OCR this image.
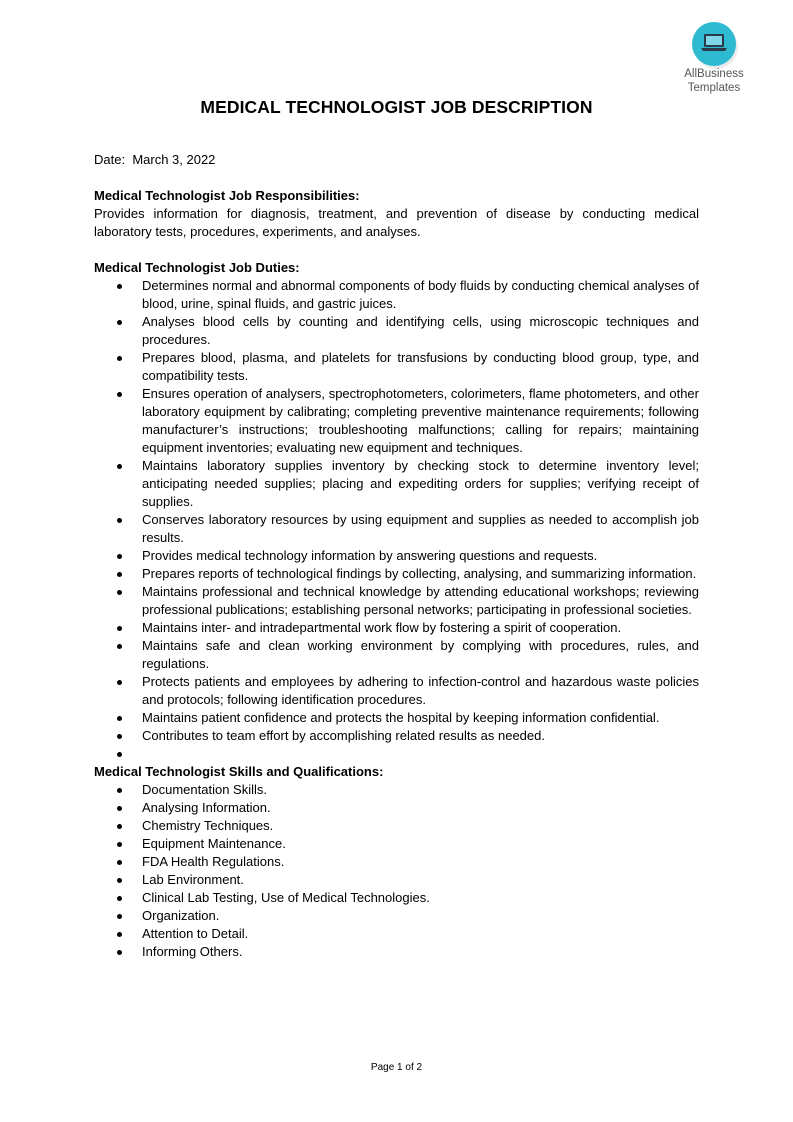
AllBusiness
Templates
MEDICAL TECHNOLOGIST JOB DESCRIPTION
Date: March 3, 2022
Medical Technologist Job Responsibilities:
Provides information for diagnosis, treatment, and prevention of disease by conducting medical laboratory tests, procedures, experiments, and analyses.
Medical Technologist Job Duties:
Determines normal and abnormal components of body fluids by conducting chemical analyses of blood, urine, spinal fluids, and gastric juices.
Analyses blood cells by counting and identifying cells, using microscopic techniques and procedures.
Prepares blood, plasma, and platelets for transfusions by conducting blood group, type, and compatibility tests.
Ensures operation of analysers, spectrophotometers, colorimeters, flame photometers, and other laboratory equipment by calibrating; completing preventive maintenance requirements; following manufacturer’s instructions; troubleshooting malfunctions; calling for repairs; maintaining equipment inventories; evaluating new equipment and techniques.
Maintains laboratory supplies inventory by checking stock to determine inventory level; anticipating needed supplies; placing and expediting orders for supplies; verifying receipt of supplies.
Conserves laboratory resources by using equipment and supplies as needed to accomplish job results.
Provides medical technology information by answering questions and requests.
Prepares reports of technological findings by collecting, analysing, and summarizing information.
Maintains professional and technical knowledge by attending educational workshops; reviewing professional publications; establishing personal networks; participating in professional societies.
Maintains inter- and intradepartmental work flow by fostering a spirit of cooperation.
Maintains safe and clean working environment by complying with procedures, rules, and regulations.
Protects patients and employees by adhering to infection-control and hazardous waste policies and protocols; following identification procedures.
Maintains patient confidence and protects the hospital by keeping information confidential.
Contributes to team effort by accomplishing related results as needed.
Medical Technologist Skills and Qualifications:
Documentation Skills.
Analysing Information.
Chemistry Techniques.
Equipment Maintenance.
FDA Health Regulations.
Lab Environment.
Clinical Lab Testing, Use of Medical Technologies.
Organization.
Attention to Detail.
Informing Others.
Page 1 of 2
